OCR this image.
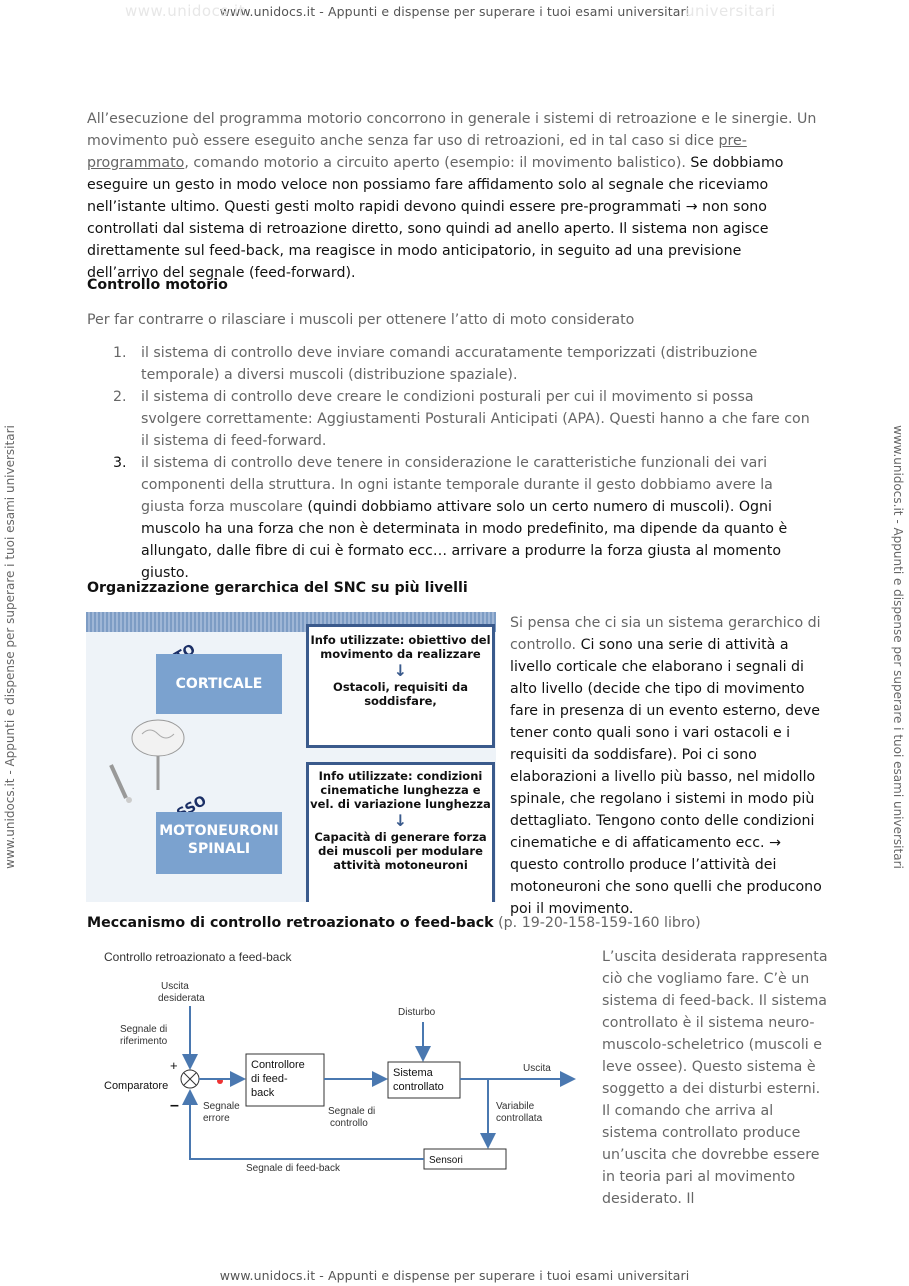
www.unidocs.it - Appunti e dispense per superare i tuoi esami universitari
www.unidocs.it - Appunti e dispense per superare i tuoi esami universitari
www.unidocs.it	universitari
www.unidocs.it - Appunti e dispense per superare i tuoi esami universitari	www.unidocs.it - Appunti e dispense per superare i tuoi esami universitari
All’esecuzione del programma motorio concorrono in generale i sistemi di retroazione e le sinergie. Un movimento può essere eseguito anche senza far uso di retroazioni, ed in tal caso si dice pre-programmato, comando motorio a circuito aperto (esempio: il movimento balistico). Se dobbiamo eseguire un gesto in modo veloce non possiamo fare affidamento solo al segnale che riceviamo nell’istante ultimo. Questi gesti molto rapidi devono quindi essere pre-programmati → non sono controllati dal sistema di retroazione diretto, sono quindi ad anello aperto. Il sistema non agisce direttamente sul feed-back, ma reagisce in modo anticipatorio, in seguito ad una previsione dell’arrivo del segnale (feed-forward).
Controllo motorio
Per far contrarre o rilasciare i muscoli per ottenere l’atto di moto considerato
1. il sistema di controllo deve inviare comandi accuratamente temporizzati (distribuzione temporale) a diversi muscoli (distribuzione spaziale).
2. il sistema di controllo deve creare le condizioni posturali per cui il movimento si possa svolgere correttamente: Aggiustamenti Posturali Anticipati (APA). Questi hanno a che fare con il sistema di feed-forward.
3. il sistema di controllo deve tenere in considerazione le caratteristiche funzionali dei vari componenti della struttura. In ogni istante temporale durante il gesto dobbiamo avere la giusta forza muscolare (quindi dobbiamo attivare solo un certo numero di muscoli). Ogni muscolo ha una forza che non è determinata in modo predefinito, ma dipende da quanto è allungato, dalle fibre di cui è formato ecc… arrivare a produrre la forza giusta al momento giusto.
Organizzazione gerarchica del SNC su più livelli
CORTICALE
Info utilizzate: obiettivo del movimento da realizzare
↓
Ostacoli, requisiti da soddisfare,
MOTONEURONI SPINALI
Info utilizzate: condizioni cinematiche lunghezza e vel. di variazione lunghezza
↓
Capacità di generare forza dei muscoli per modulare attività motoneuroni
Si pensa che ci sia un sistema gerarchico di controllo. Ci sono una serie di attività a livello corticale che elaborano i segnali di alto livello (decide che tipo di movimento fare in presenza di un evento esterno, deve tener conto quali sono i vari ostacoli e i requisiti da soddisfare). Poi ci sono elaborazioni a livello più basso, nel midollo spinale, che regolano i sistemi in modo più dettagliato. Tengono conto delle condizioni cinematiche e di affaticamento ecc. → questo controllo produce l’attività dei motoneuroni che sono quelli che producono poi il movimento.
Meccanismo di controllo retroazionato o feed-back (p. 19-20-158-159-160 libro)
Controllo retroazionato a feed-back
Uscita desiderata
Segnale di riferimento
+
Comparatore
– Segnale errore
Controllore di feed-back
Segnale di controllo
Disturbo
Sistema controllato
Uscita
Variabile controllata
Sensori
Segnale di feed-back
L’uscita desiderata rappresenta ciò che vogliamo fare. C’è un sistema di feed-back. Il sistema controllato è il sistema neuro-muscolo-scheletrico (muscoli e leve ossee). Questo sistema è soggetto a dei disturbi esterni. Il comando che arriva al sistema controllato produce un’uscita che dovrebbe essere in teoria pari al movimento desiderato. Il
